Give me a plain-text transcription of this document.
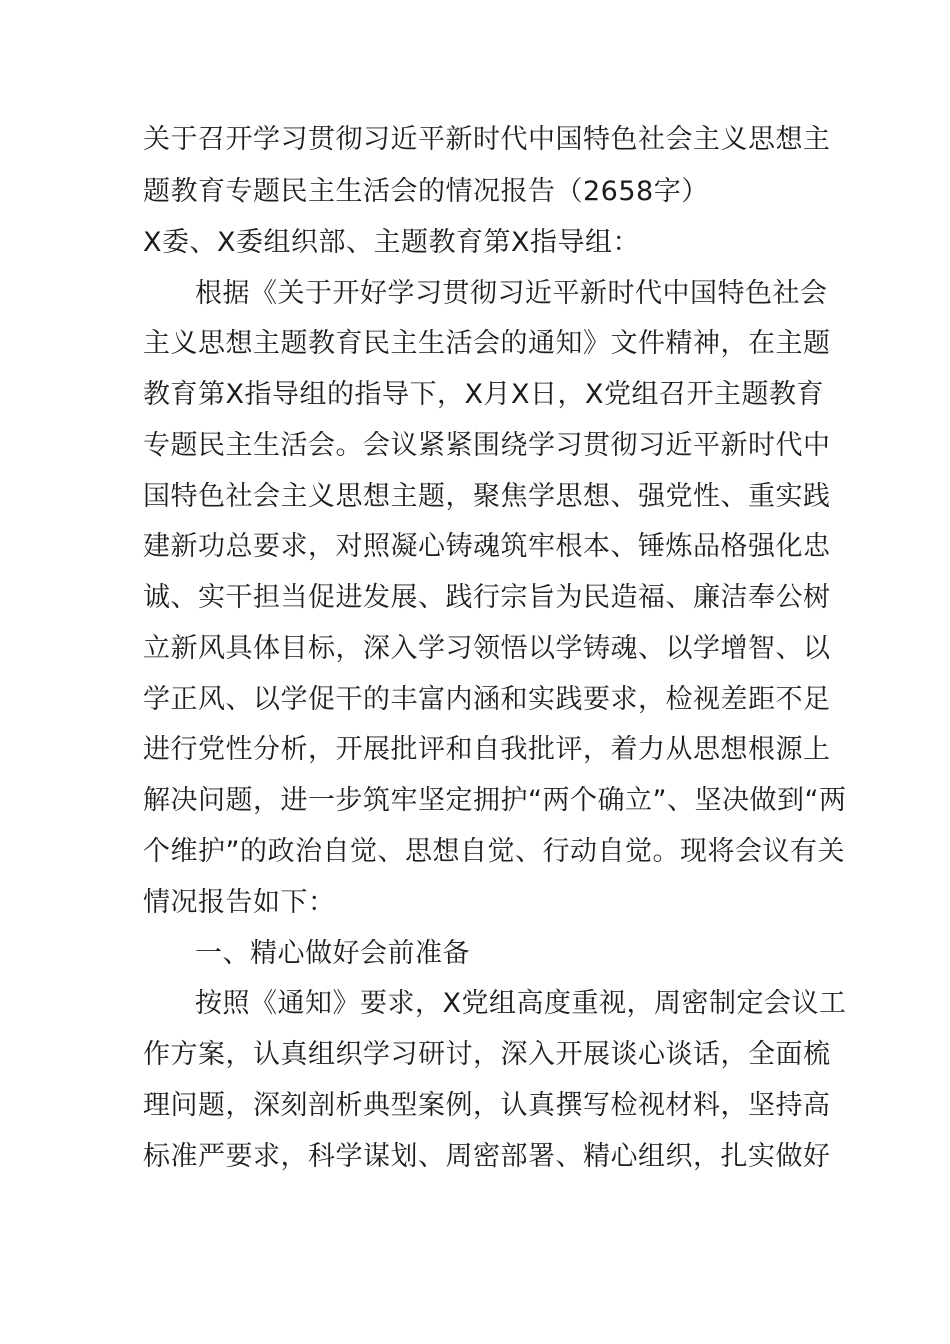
关于召开学习贯彻习近平新时代中国特色社会主义思想主
题教育专题民主生活会的情况报告（2658字）
X委、X委组织部、主题教育第X指导组：
根据《关于开好学习贯彻习近平新时代中国特色社会
主义思想主题教育民主生活会的通知》文件精神，在主题
教育第X指导组的指导下，X月X日，X党组召开主题教育
专题民主生活会。会议紧紧围绕学习贯彻习近平新时代中
国特色社会主义思想主题，聚焦学思想、强党性、重实践
建新功总要求，对照凝心铸魂筑牢根本、锤炼品格强化忠
诚、实干担当促进发展、践行宗旨为民造福、廉洁奉公树
立新风具体目标，深入学习领悟以学铸魂、以学增智、以
学正风、以学促干的丰富内涵和实践要求，检视差距不足
进行党性分析，开展批评和自我批评，着力从思想根源上
解决问题，进一步筑牢坚定拥护“两个确立”、坚决做到“两
个维护”的政治自觉、思想自觉、行动自觉。现将会议有关
情况报告如下：
一、精心做好会前准备
按照《通知》要求，X党组高度重视，周密制定会议工
作方案，认真组织学习研讨，深入开展谈心谈话，全面梳
理问题，深刻剖析典型案例，认真撰写检视材料，坚持高
标准严要求，科学谋划、周密部署、精心组织，扎实做好
